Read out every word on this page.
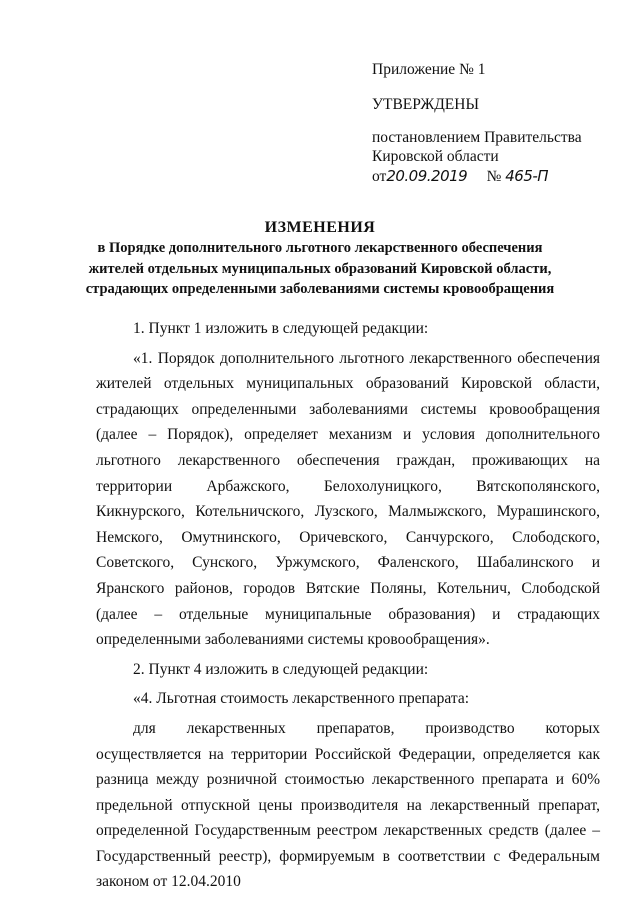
Приложение № 1
УТВЕРЖДЕНЫ
постановлением Правительства
Кировской области
от20.09.2019 № 465-П
ИЗМЕНЕНИЯ
в Порядке дополнительного льготного лекарственного обеспечения
жителей отдельных муниципальных образований Кировской области,
страдающих определенными заболеваниями системы кровообращения

1. Пункт 1 изложить в следующей редакции:

«1. Порядок дополнительного льготного лекарственного обеспечения жителей отдельных муниципальных образований Кировской области, страдающих определенными заболеваниями системы кровообращения (далее – Порядок), определяет механизм и условия дополнительного льготного лекарственного обеспечения граждан, проживающих на территории Арбажского, Белохолуницкого, Вятскополянского, Кикнурского, Котельничского, Лузского, Малмыжского, Мурашинского, Немского, Омутнинского, Оричевского, Санчурского, Слободского, Советского, Сунского, Уржумского, Фаленского, Шабалинского и Яранского районов, городов Вятские Поляны, Котельнич, Слободской (далее – отдельные муниципальные образования) и страдающих определенными заболеваниями системы кровообращения».

2. Пункт 4 изложить в следующей редакции:

«4. Льготная стоимость лекарственного препарата:

для лекарственных препаратов, производство которых осуществляется на территории Российской Федерации, определяется как разница между розничной стоимостью лекарственного препарата и 60% предельной отпускной цены производителя на лекарственный препарат, определенной Государственным реестром лекарственных средств (далее – Государственный реестр), формируемым в соответствии с Федеральным законом от 12.04.2010
